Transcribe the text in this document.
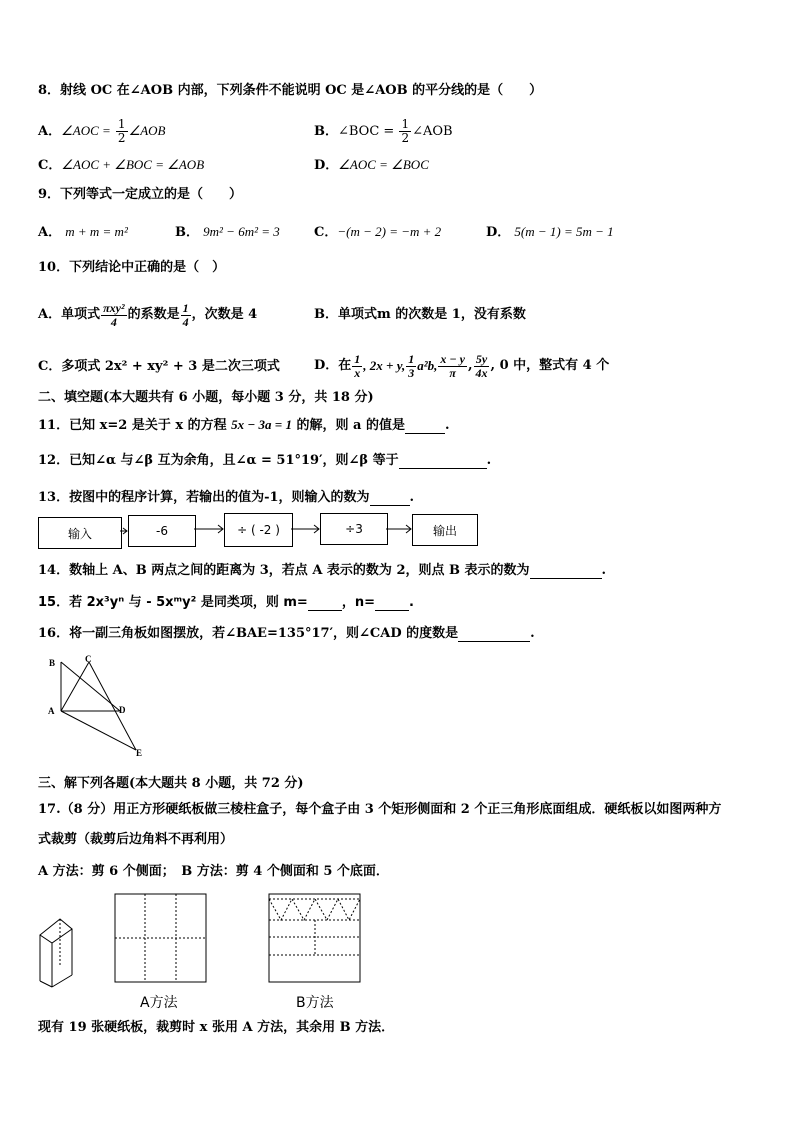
8．射线 OC 在∠AOB 内部，下列条件不能说明 OC 是∠AOB 的平分线的是（　　）
A．∠AOC = $\frac{1}{2}$ ∠AOB	B．∠BOC = $\frac{1}{2}$ ∠AOB
C．∠AOC + ∠BOC = ∠AOB	D．∠AOC = ∠BOC
9．下列等式一定成立的是（　　）
A． m + m = m²	B． 9m² − 6m² = 3	C．−(m − 2) = −m + 2	D． 5(m − 1) = 5m − 1
10．下列结论中正确的是（　）
A．单项式 $\frac{\text{πxy²}}{4}$ 的系数是 $\frac{1}{4}$ ，次数是 4	B．单项式m 的次数是 1，没有系数
C．多项式 2x² + xy² + 3 是二次三项式	D．在 $\frac{1}{x}$ , 2x + y, $\frac{1}{3} a^2b$, $\frac{x - y}{\pi}$ , $\frac{5y}{4x}$ , 0 中，整式有 4 个
二、填空题(本大题共有 6 小题，每小题 3 分，共 18 分)
11．已知 x=2 是关于 x 的方程 5x − 3a = 1 的解，则 a 的值是	.
12．已知∠α 与∠β 互为余角，且∠α = 51°19′，则∠β 等于	.
13．按图中的程序计算，若输出的值为-1，则输入的数为	.
输入	-6	÷ ( -2 )	÷3	输出
14．数轴上 A、B 两点之间的距离为 3，若点 A 表示的数为 2，则点 B 表示的数为	.
15．若 2x³yⁿ 与 - 5xᵐy² 是同类项，则 m=	，n=	.
16．将一副三角板如图摆放，若∠BAE=135°17′，则∠CAD 的度数是	.
B	C
A	D
E
三、解下列各题(本大题共 8 小题，共 72 分)
17.（8 分）用正方形硬纸板做三棱柱盒子，每个盒子由 3 个矩形侧面和 2 个正三角形底面组成．硬纸板以如图两种方
式裁剪（裁剪后边角料不再利用）
A 方法：剪 6 个侧面；　B 方法：剪 4 个侧面和 5 个底面．
A方法	B方法
现有 19 张硬纸板，裁剪时 x 张用 A 方法，其余用 B 方法．
